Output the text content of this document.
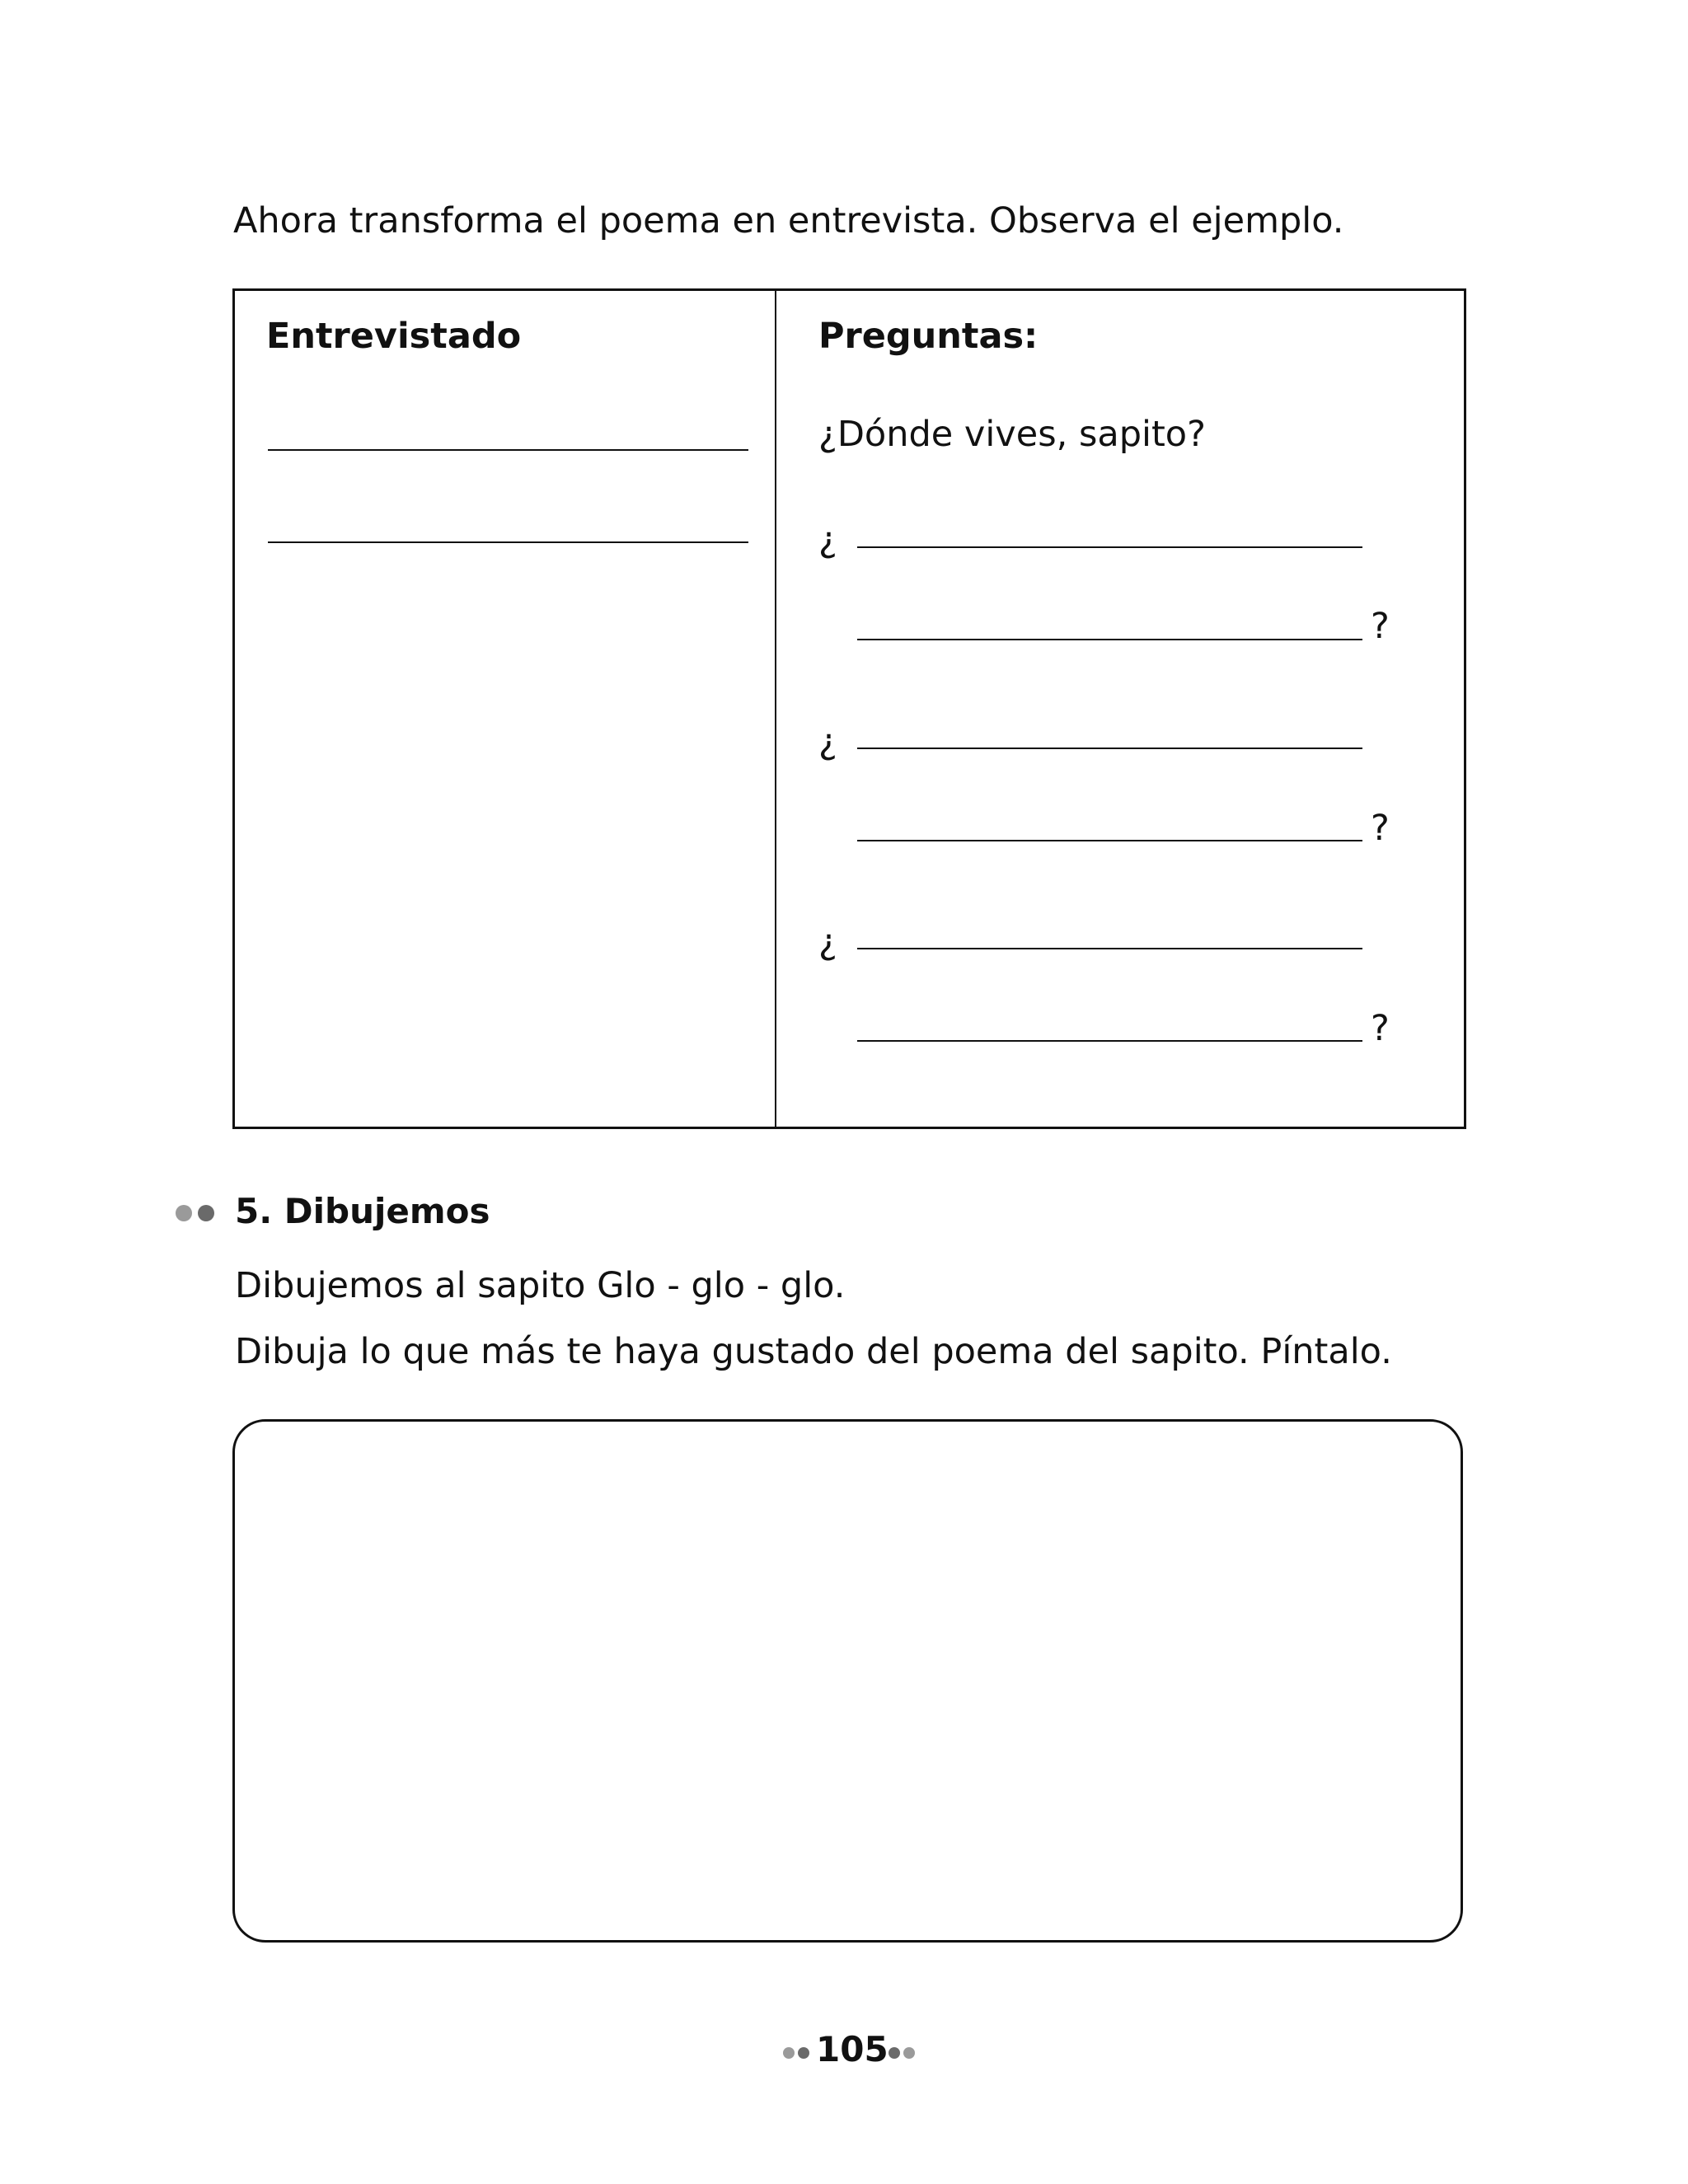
Ahora transforma el poema en entrevista. Observa el ejemplo.
Entrevistado	Preguntas:
¿Dónde vives, sapito?
¿
?
¿
?
¿
?
5. Dibujemos
Dibujemos al sapito Glo - glo - glo.
Dibuja lo que más te haya gustado del poema del sapito. Píntalo.
105
